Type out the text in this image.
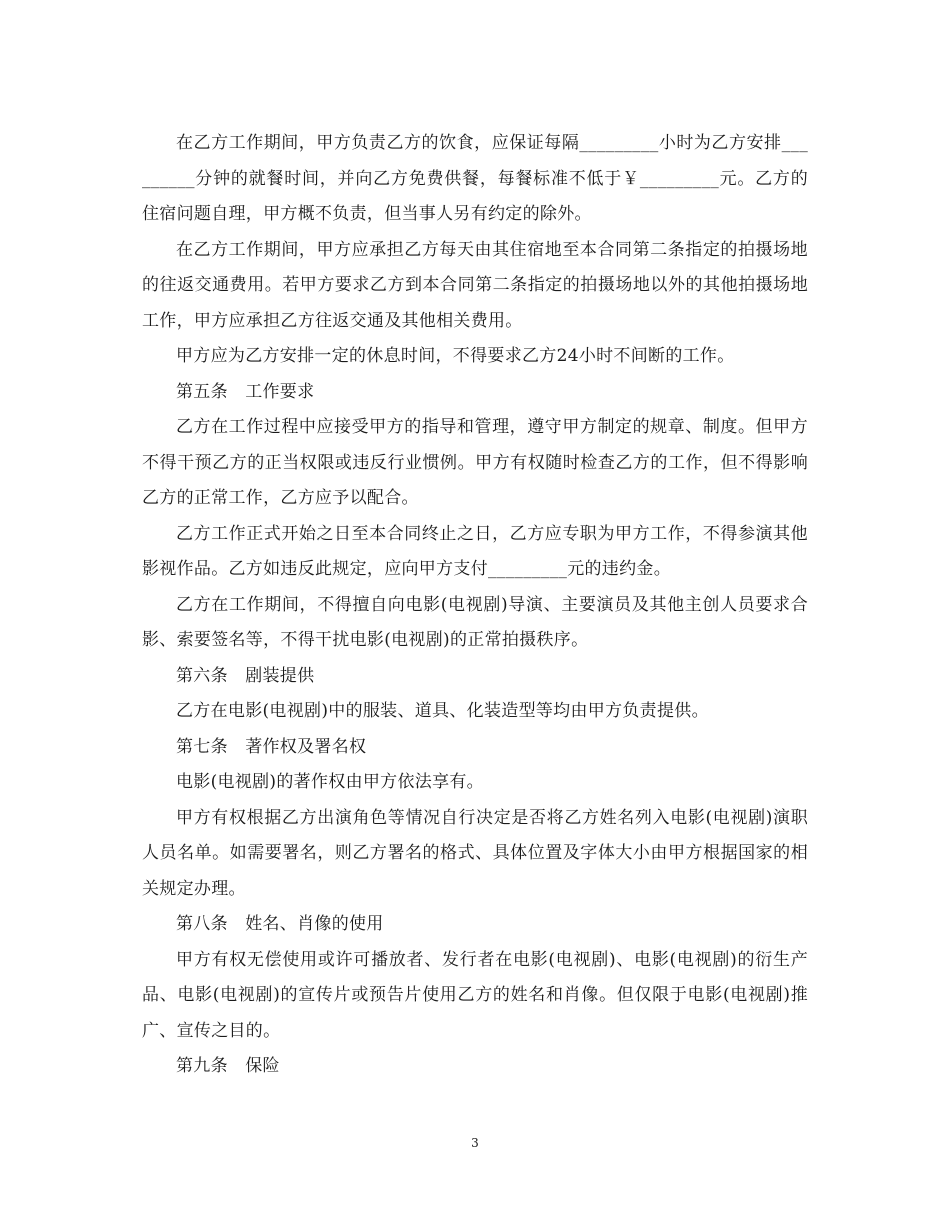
在乙方工作期间，甲方负责乙方的饮食，应保证每隔_________小时为乙方安排_________分钟的就餐时间，并向乙方免费供餐，每餐标准不低于￥_________元。乙方的住宿问题自理，甲方概不负责，但当事人另有约定的除外。

在乙方工作期间，甲方应承担乙方每天由其住宿地至本合同第二条指定的拍摄场地的往返交通费用。若甲方要求乙方到本合同第二条指定的拍摄场地以外的其他拍摄场地工作，甲方应承担乙方往返交通及其他相关费用。

甲方应为乙方安排一定的休息时间，不得要求乙方24小时不间断的工作。

第五条　工作要求

乙方在工作过程中应接受甲方的指导和管理，遵守甲方制定的规章、制度。但甲方不得干预乙方的正当权限或违反行业惯例。甲方有权随时检查乙方的工作，但不得影响乙方的正常工作，乙方应予以配合。

乙方工作正式开始之日至本合同终止之日，乙方应专职为甲方工作，不得参演其他影视作品。乙方如违反此规定，应向甲方支付_________元的违约金。

乙方在工作期间，不得擅自向电影(电视剧)导演、主要演员及其他主创人员要求合影、索要签名等，不得干扰电影(电视剧)的正常拍摄秩序。

第六条　剧装提供

乙方在电影(电视剧)中的服装、道具、化装造型等均由甲方负责提供。

第七条　著作权及署名权

电影(电视剧)的著作权由甲方依法享有。

甲方有权根据乙方出演角色等情况自行决定是否将乙方姓名列入电影(电视剧)演职人员名单。如需要署名，则乙方署名的格式、具体位置及字体大小由甲方根据国家的相关规定办理。

第八条　姓名、肖像的使用

甲方有权无偿使用或许可播放者、发行者在电影(电视剧)、电影(电视剧)的衍生产品、电影(电视剧)的宣传片或预告片使用乙方的姓名和肖像。但仅限于电影(电视剧)推广、宣传之目的。

第九条　保险

3
